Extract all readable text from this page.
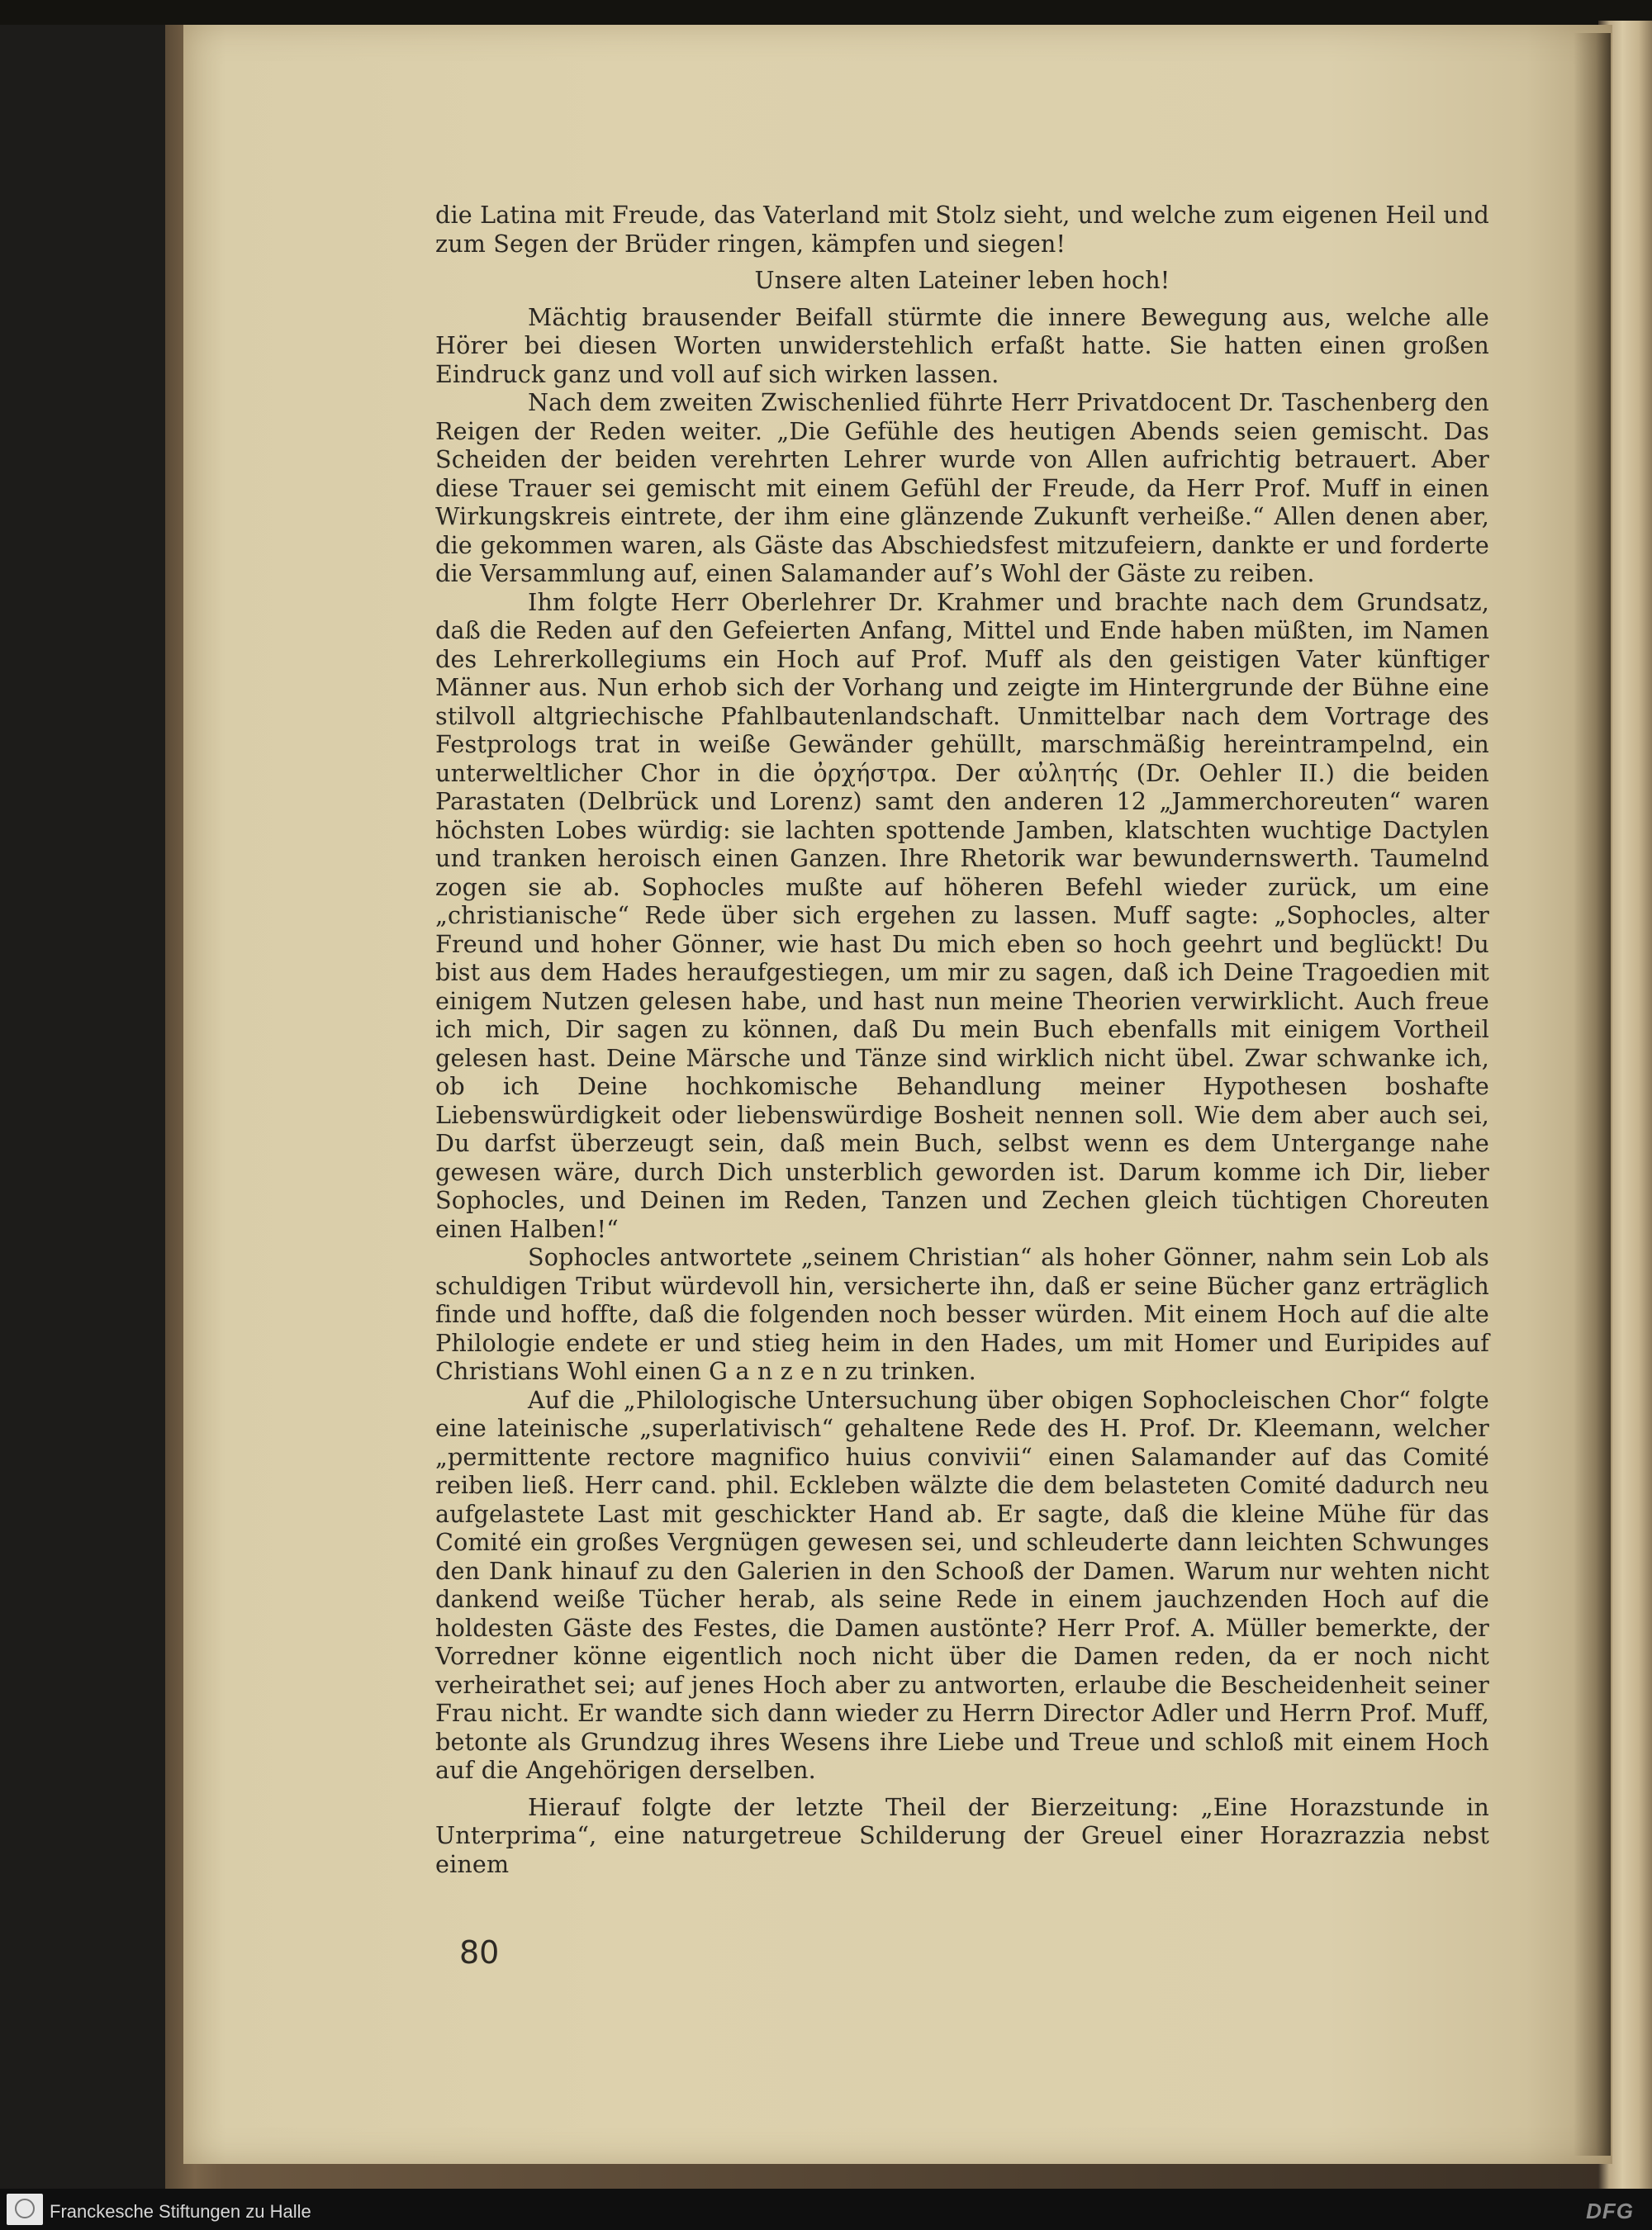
die Latina mit Freude, das Vaterland mit Stolz sieht, und welche zum eigenen Heil und zum Segen der Brüder ringen, kämpfen und siegen!

Unsere alten Lateiner leben hoch!

Mächtig brausender Beifall stürmte die innere Bewegung aus, welche alle Hörer bei diesen Worten unwiderstehlich erfaßt hatte. Sie hatten einen großen Eindruck ganz und voll auf sich wirken lassen.

Nach dem zweiten Zwischenlied führte Herr Privatdocent Dr. Taschenberg den Reigen der Reden weiter. „Die Gefühle des heutigen Abends seien gemischt. Das Scheiden der beiden verehrten Lehrer wurde von Allen aufrichtig betrauert. Aber diese Trauer sei gemischt mit einem Gefühl der Freude, da Herr Prof. Muff in einen Wirkungskreis eintrete, der ihm eine glänzende Zukunft verheiße.“ Allen denen aber, die gekommen waren, als Gäste das Abschiedsfest mitzufeiern, dankte er und forderte die Versammlung auf, einen Salamander auf’s Wohl der Gäste zu reiben.

Ihm folgte Herr Oberlehrer Dr. Krahmer und brachte nach dem Grundsatz, daß die Reden auf den Gefeierten Anfang, Mittel und Ende haben müßten, im Namen des Lehrerkollegiums ein Hoch auf Prof. Muff als den geistigen Vater künftiger Männer aus. Nun erhob sich der Vorhang und zeigte im Hintergrunde der Bühne eine stilvoll altgriechische Pfahlbautenlandschaft. Unmittelbar nach dem Vortrage des Festprologs trat in weiße Gewänder gehüllt, marschmäßig hereintrampelnd, ein unterweltlicher Chor in die ὀρχήστρα. Der αὐλητής (Dr. Oehler II.) die beiden Parastaten (Delbrück und Lorenz) samt den anderen 12 „Jammerchoreuten“ waren höchsten Lobes würdig: sie lachten spottende Jamben, klatschten wuchtige Dactylen und tranken heroisch einen Ganzen. Ihre Rhetorik war bewundernswerth. Taumelnd zogen sie ab. Sophocles mußte auf höheren Befehl wieder zurück, um eine „christianische“ Rede über sich ergehen zu lassen. Muff sagte: „Sophocles, alter Freund und hoher Gönner, wie hast Du mich eben so hoch geehrt und beglückt! Du bist aus dem Hades heraufgestiegen, um mir zu sagen, daß ich Deine Tragoedien mit einigem Nutzen gelesen habe, und hast nun meine Theorien verwirklicht. Auch freue ich mich, Dir sagen zu können, daß Du mein Buch ebenfalls mit einigem Vortheil gelesen hast. Deine Märsche und Tänze sind wirklich nicht übel. Zwar schwanke ich, ob ich Deine hochkomische Behandlung meiner Hypothesen boshafte Liebenswürdigkeit oder liebenswürdige Bosheit nennen soll. Wie dem aber auch sei, Du darfst überzeugt sein, daß mein Buch, selbst wenn es dem Untergange nahe gewesen wäre, durch Dich unsterblich geworden ist. Darum komme ich Dir, lieber Sophocles, und Deinen im Reden, Tanzen und Zechen gleich tüchtigen Choreuten einen Halben!“

Sophocles antwortete „seinem Christian“ als hoher Gönner, nahm sein Lob als schuldigen Tribut würdevoll hin, versicherte ihn, daß er seine Bücher ganz erträglich finde und hoffte, daß die folgenden noch besser würden. Mit einem Hoch auf die alte Philologie endete er und stieg heim in den Hades, um mit Homer und Euripides auf Christians Wohl einen G a n z e n zu trinken.

Auf die „Philologische Untersuchung über obigen Sophocleischen Chor“ folgte eine lateinische „superlativisch“ gehaltene Rede des H. Prof. Dr. Kleemann, welcher „permittente rectore magnifico huius convivii“ einen Salamander auf das Comité reiben ließ. Herr cand. phil. Eckleben wälzte die dem belasteten Comité dadurch neu aufgelastete Last mit geschickter Hand ab. Er sagte, daß die kleine Mühe für das Comité ein großes Vergnügen gewesen sei, und schleuderte dann leichten Schwunges den Dank hinauf zu den Galerien in den Schooß der Damen. Warum nur wehten nicht dankend weiße Tücher herab, als seine Rede in einem jauchzenden Hoch auf die holdesten Gäste des Festes, die Damen austönte? Herr Prof. A. Müller bemerkte, der Vorredner könne eigentlich noch nicht über die Damen reden, da er noch nicht verheirathet sei; auf jenes Hoch aber zu antworten, erlaube die Bescheidenheit seiner Frau nicht. Er wandte sich dann wieder zu Herrn Director Adler und Herrn Prof. Muff, betonte als Grundzug ihres Wesens ihre Liebe und Treue und schloß mit einem Hoch auf die Angehörigen derselben.

Hierauf folgte der letzte Theil der Bierzeitung: „Eine Horazstunde in Unterprima“, eine naturgetreue Schilderung der Greuel einer Horazrazzia nebst einem

80
Franckesche Stiftungen zu Halle	DFG
